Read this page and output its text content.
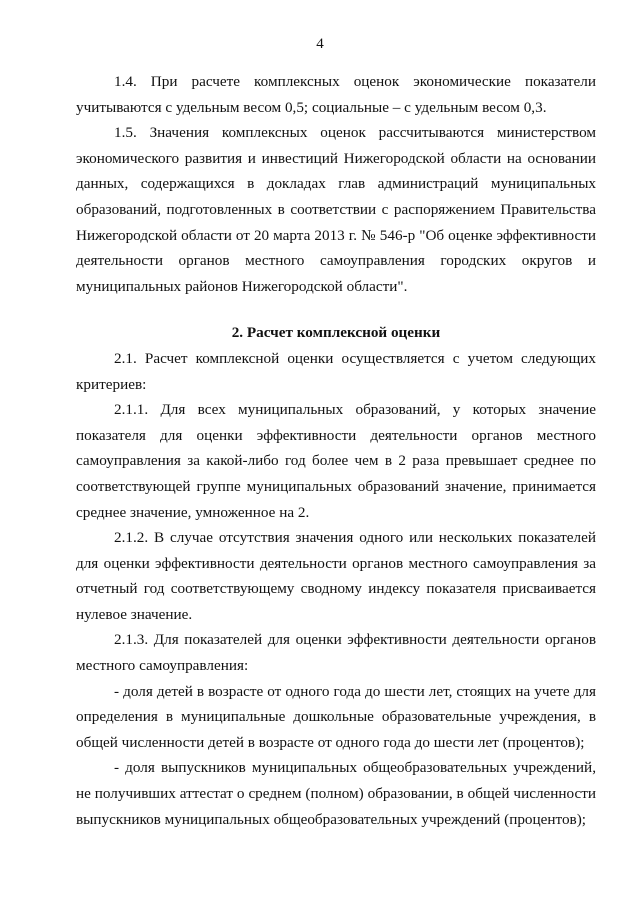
4

1.4. При расчете комплексных оценок экономические показатели учитываются с удельным весом 0,5; социальные – с удельным весом 0,3.

1.5. Значения комплексных оценок рассчитываются министерством экономического развития и инвестиций Нижегородской области на основании данных, содержащихся в докладах глав администраций муниципальных образований, подготовленных в соответствии с распоряжением Правительства Нижегородской области от 20 марта 2013 г. № 546-р "Об оценке эффективности деятельности органов местного самоуправления городских округов и муниципальных районов Нижегородской области".

2. Расчет комплексной оценки

2.1. Расчет комплексной оценки осуществляется с учетом следующих критериев:

2.1.1. Для всех муниципальных образований, у которых значение показателя для оценки эффективности деятельности органов местного самоуправления за какой-либо год более чем в 2 раза превышает среднее по соответствующей группе муниципальных образований значение, принимается среднее значение, умноженное на 2.

2.1.2. В случае отсутствия значения одного или нескольких показателей для оценки эффективности деятельности органов местного самоуправления за отчетный год соответствующему сводному индексу показателя присваивается нулевое значение.

2.1.3. Для показателей для оценки эффективности деятельности органов местного самоуправления:

- доля детей в возрасте от одного года до шести лет, стоящих на учете для определения в муниципальные дошкольные образовательные учреждения, в общей численности детей в возрасте от одного года до шести лет (процентов);

- доля выпускников муниципальных общеобразовательных учреждений, не получивших аттестат о среднем (полном) образовании, в общей численности выпускников муниципальных общеобразовательных учреждений (процентов);
